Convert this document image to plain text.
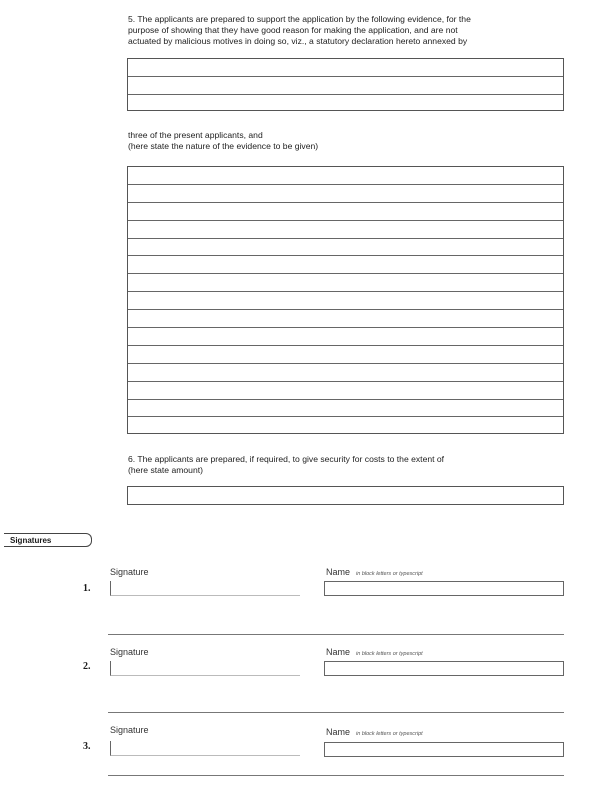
5. The applicants are prepared to support the application by the following evidence, for the
purpose of showing that they have good reason for making the application, and are not
actuated by malicious motives in doing so, viz., a statutory declaration hereto annexed by
three of the present applicants, and
(here state the nature of the evidence to be given)
6. The applicants are prepared, if required, to give security for costs to the extent of
(here state amount)
Signatures
Signature	Name in block letters or typescript
1.
Signature	Name in block letters or typescript
2.
Signature	Name in block letters or typescript
3.
